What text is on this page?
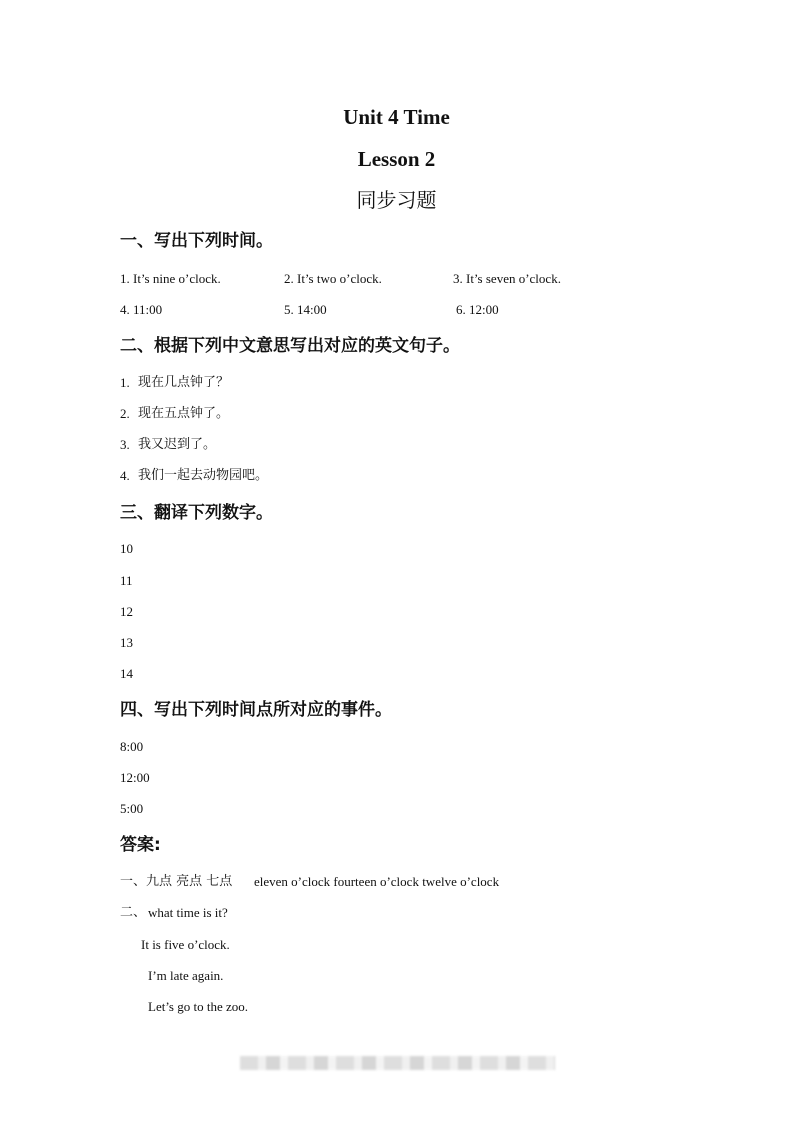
Unit 4 Time
Lesson 2
同步习题
一、写出下列时间。
1. It’s nine o’clock.	2. It’s two o’clock.	3. It’s seven o’clock.
4. 11:00	5. 14:00	6. 12:00
二、根据下列中文意思写出对应的英文句子。
1. 现在几点钟了？
2. 现在五点钟了。
3. 我又迟到了。
4. 我们一起去动物园吧。
三、翻译下列数字。
10
11
12
13
14
四、写出下列时间点所对应的事件。
8:00
12:00
5:00
答案:
一、九点 亮点 七点 eleven o’clock fourteen o’clock twelve o’clock
二、 what time is it?
It is five o’clock.
I’m late again.
Let’s go to the zoo.
